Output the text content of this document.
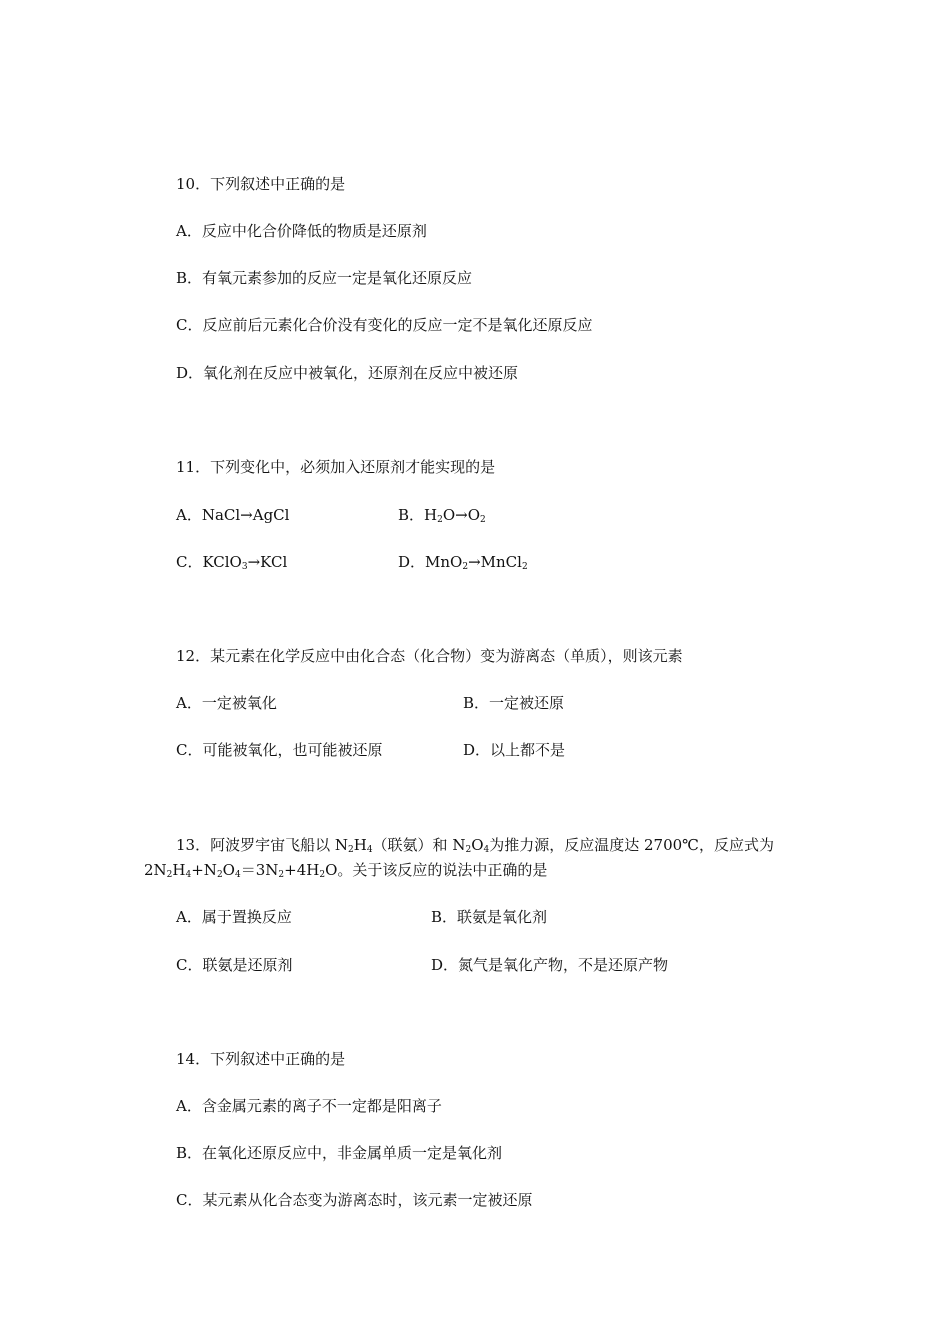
10．下列叙述中正确的是
A．反应中化合价降低的物质是还原剂
B．有氧元素参加的反应一定是氧化还原反应
C．反应前后元素化合价没有变化的反应一定不是氧化还原反应
D．氧化剂在反应中被氧化，还原剂在反应中被还原
11．下列变化中，必须加入还原剂才能实现的是
A．NaCl→AgCl	B．$H_2O\to O_2$
C．KClO$_3$→KCl	D．MnO$_2$→MnCl$_2$
12．某元素在化学反应中由化合态（化合物）变为游离态（单质），则该元素
A．一定被氧化	B．一定被还原
C．可能被氧化，也可能被还原	D．以上都不是
13．阿波罗宇宙飞船以 $N_2H_4$（联氨）和 $N_2O_4$为推力源，反应温度达 2700℃，反应式为
$2N_2H_4+N_2O_4=3N_2+4H_2O$。关于该反应的说法中正确的是
A．属于置换反应	B．联氨是氧化剂
C．联氨是还原剂	D．氮气是氧化产物，不是还原产物
14．下列叙述中正确的是
A．含金属元素的离子不一定都是阳离子
B．在氧化还原反应中，非金属单质一定是氧化剂
C．某元素从化合态变为游离态时，该元素一定被还原
